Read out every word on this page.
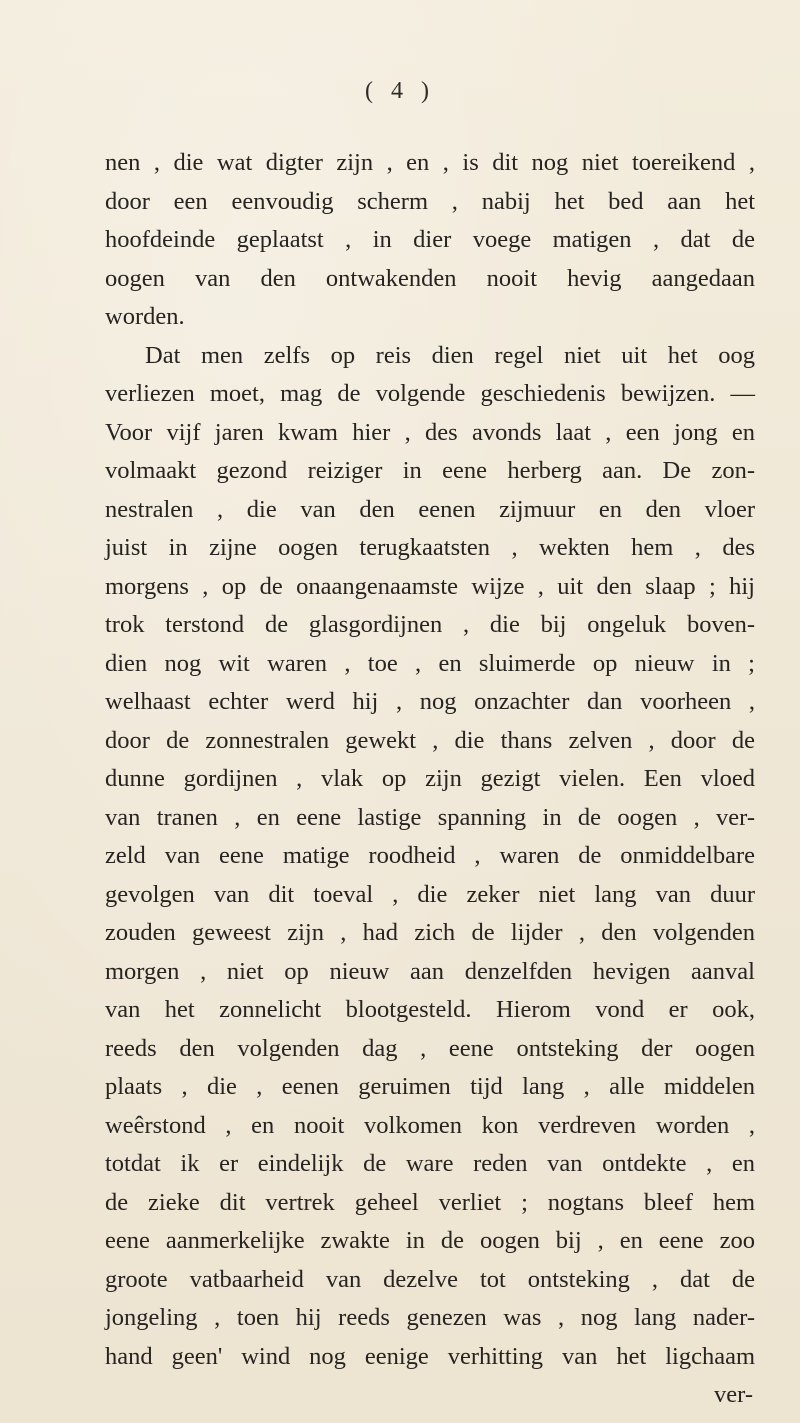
( 4 )
nen , die wat digter zijn , en , is dit nog niet toereikend ,
door een eenvoudig scherm , nabij het bed aan het
hoofdeinde geplaatst , in dier voege matigen , dat de
oogen van den ontwakenden nooit hevig aangedaan
worden.
Dat men zelfs op reis dien regel niet uit het oog
verliezen moet, mag de volgende geschiedenis bewijzen. —
Voor vijf jaren kwam hier , des avonds laat , een jong en
volmaakt gezond reiziger in eene herberg aan. De zon-
nestralen , die van den eenen zijmuur en den vloer
juist in zijne oogen terugkaatsten , wekten hem , des
morgens , op de onaangenaamste wijze , uit den slaap ; hij
trok terstond de glasgordijnen , die bij ongeluk boven-
dien nog wit waren , toe , en sluimerde op nieuw in ;
welhaast echter werd hij , nog onzachter dan voorheen ,
door de zonnestralen gewekt , die thans zelven , door de
dunne gordijnen , vlak op zijn gezigt vielen. Een vloed
van tranen , en eene lastige spanning in de oogen , ver-
zeld van eene matige roodheid , waren de onmiddelbare
gevolgen van dit toeval , die zeker niet lang van duur
zouden geweest zijn , had zich de lijder , den volgenden
morgen , niet op nieuw aan denzelfden hevigen aanval
van het zonnelicht blootgesteld. Hierom vond er ook,
reeds den volgenden dag , eene ontsteking der oogen
plaats , die , eenen geruimen tijd lang , alle middelen
weêrstond , en nooit volkomen kon verdreven worden ,
totdat ik er eindelijk de ware reden van ontdekte , en
de zieke dit vertrek geheel verliet ; nogtans bleef hem
eene aanmerkelijke zwakte in de oogen bij , en eene zoo
groote vatbaarheid van dezelve tot ontsteking , dat de
jongeling , toen hij reeds genezen was , nog lang nader-
hand geen' wind nog eenige verhitting van het ligchaam
ver-
